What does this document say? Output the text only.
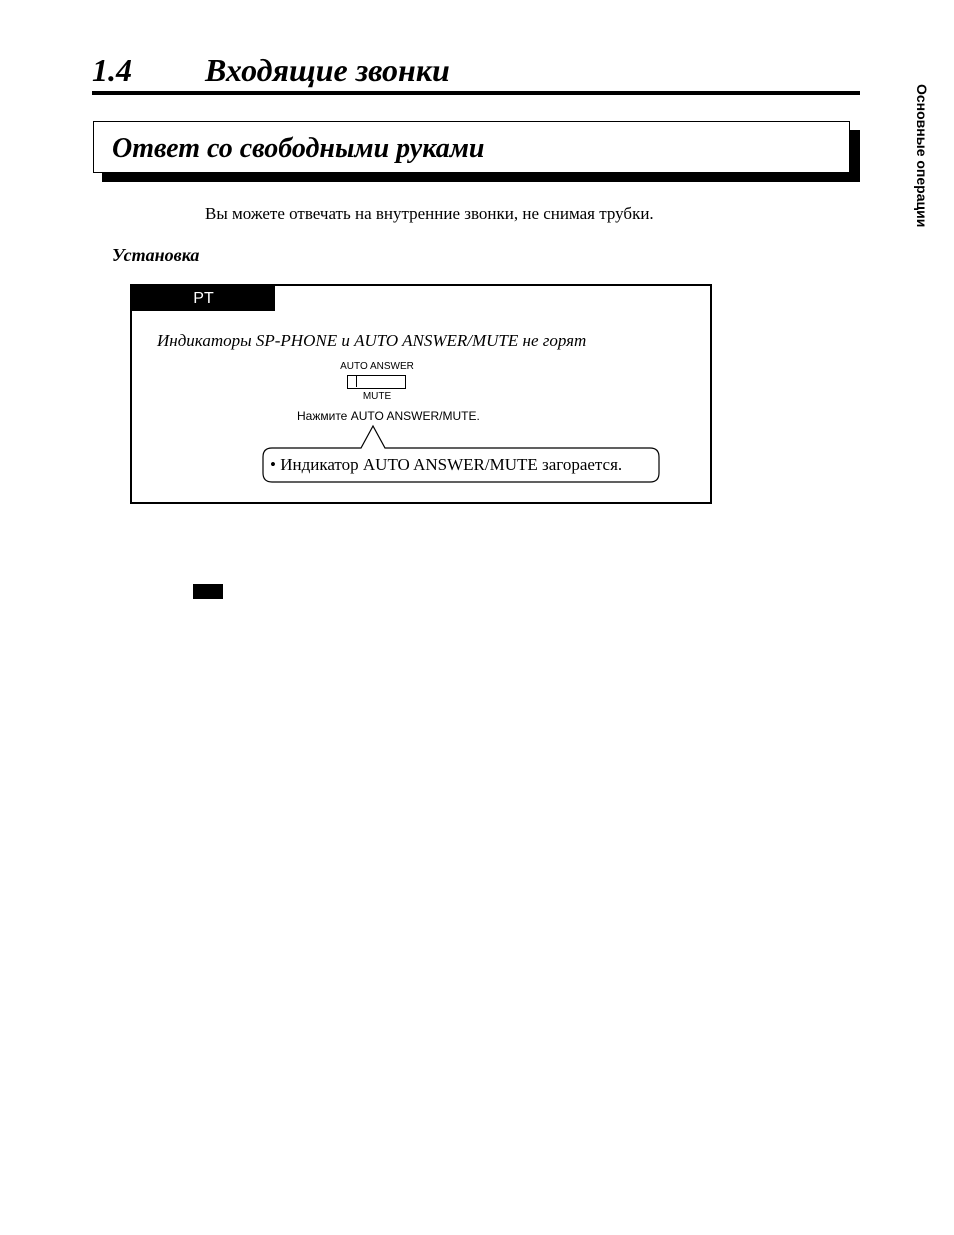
1.4 Входящие звонки
Основные операции
Ответ со свободными руками
Вы можете отвечать на внутренние звонки, не снимая трубки.
Установка
PT
Индикаторы SP-PHONE и AUTO ANSWER/MUTE не горят
AUTO ANSWER
MUTE
Нажмите AUTO ANSWER/MUTE.
• Индикатор AUTO ANSWER/MUTE загорается.
